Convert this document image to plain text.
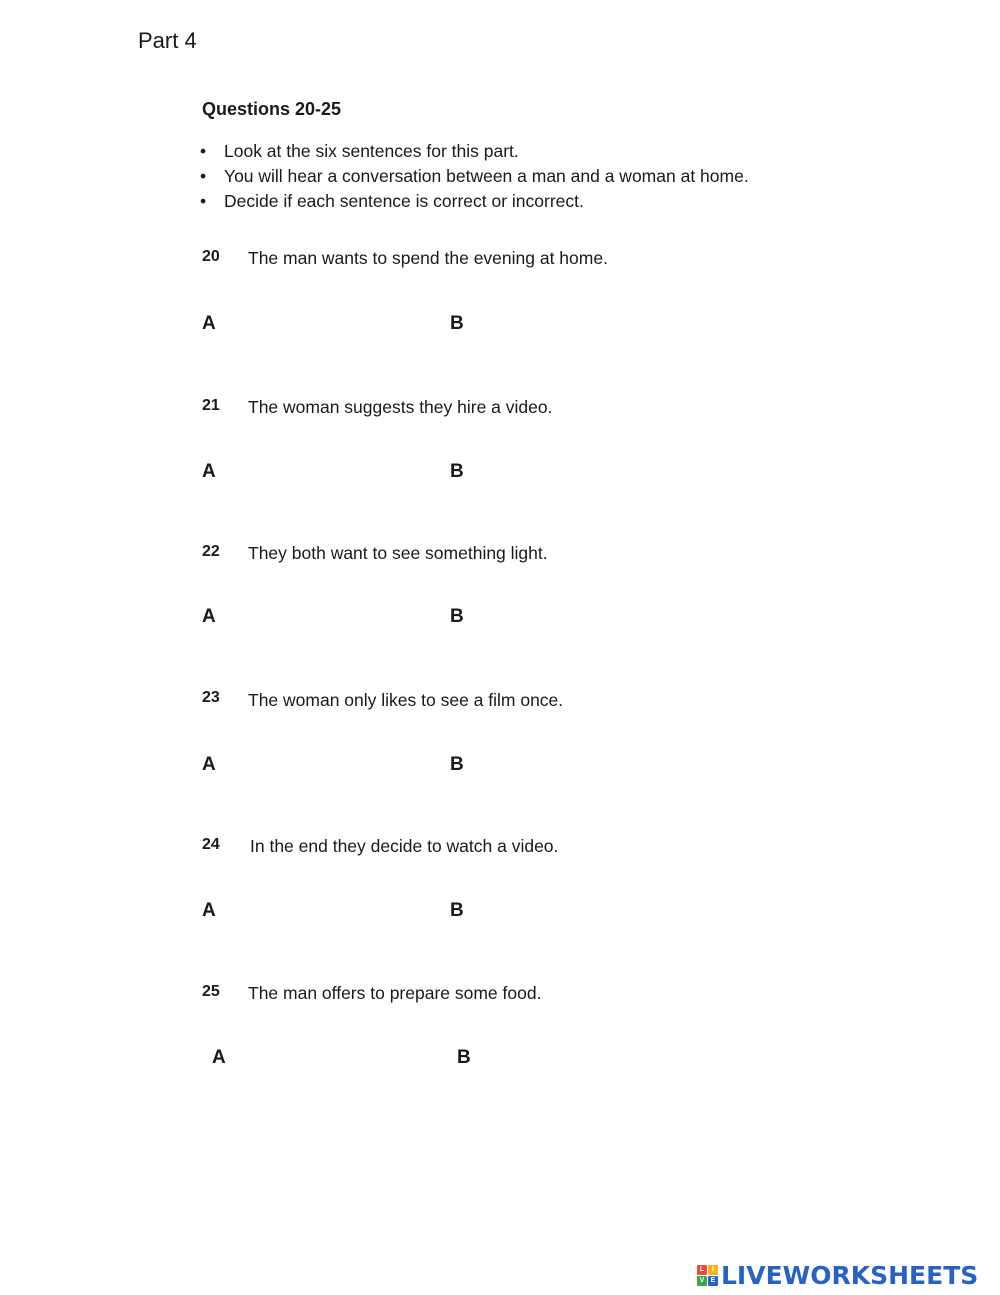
Part 4
Questions 20-25
• Look at the six sentences for this part.
• You will hear a conversation between a man and a woman at home.
• Decide if each sentence is correct or incorrect.
20 The man wants to spend the evening at home.
A	B
21 The woman suggests they hire a video.
A	B
22 They both want to see something light.
A	B
23 The woman only likes to see a film once.
A	B
24 In the end they decide to watch a video.
A	B
25 The man offers to prepare some food.
A	B
L	I
V E LIVEWORKSHEETS
